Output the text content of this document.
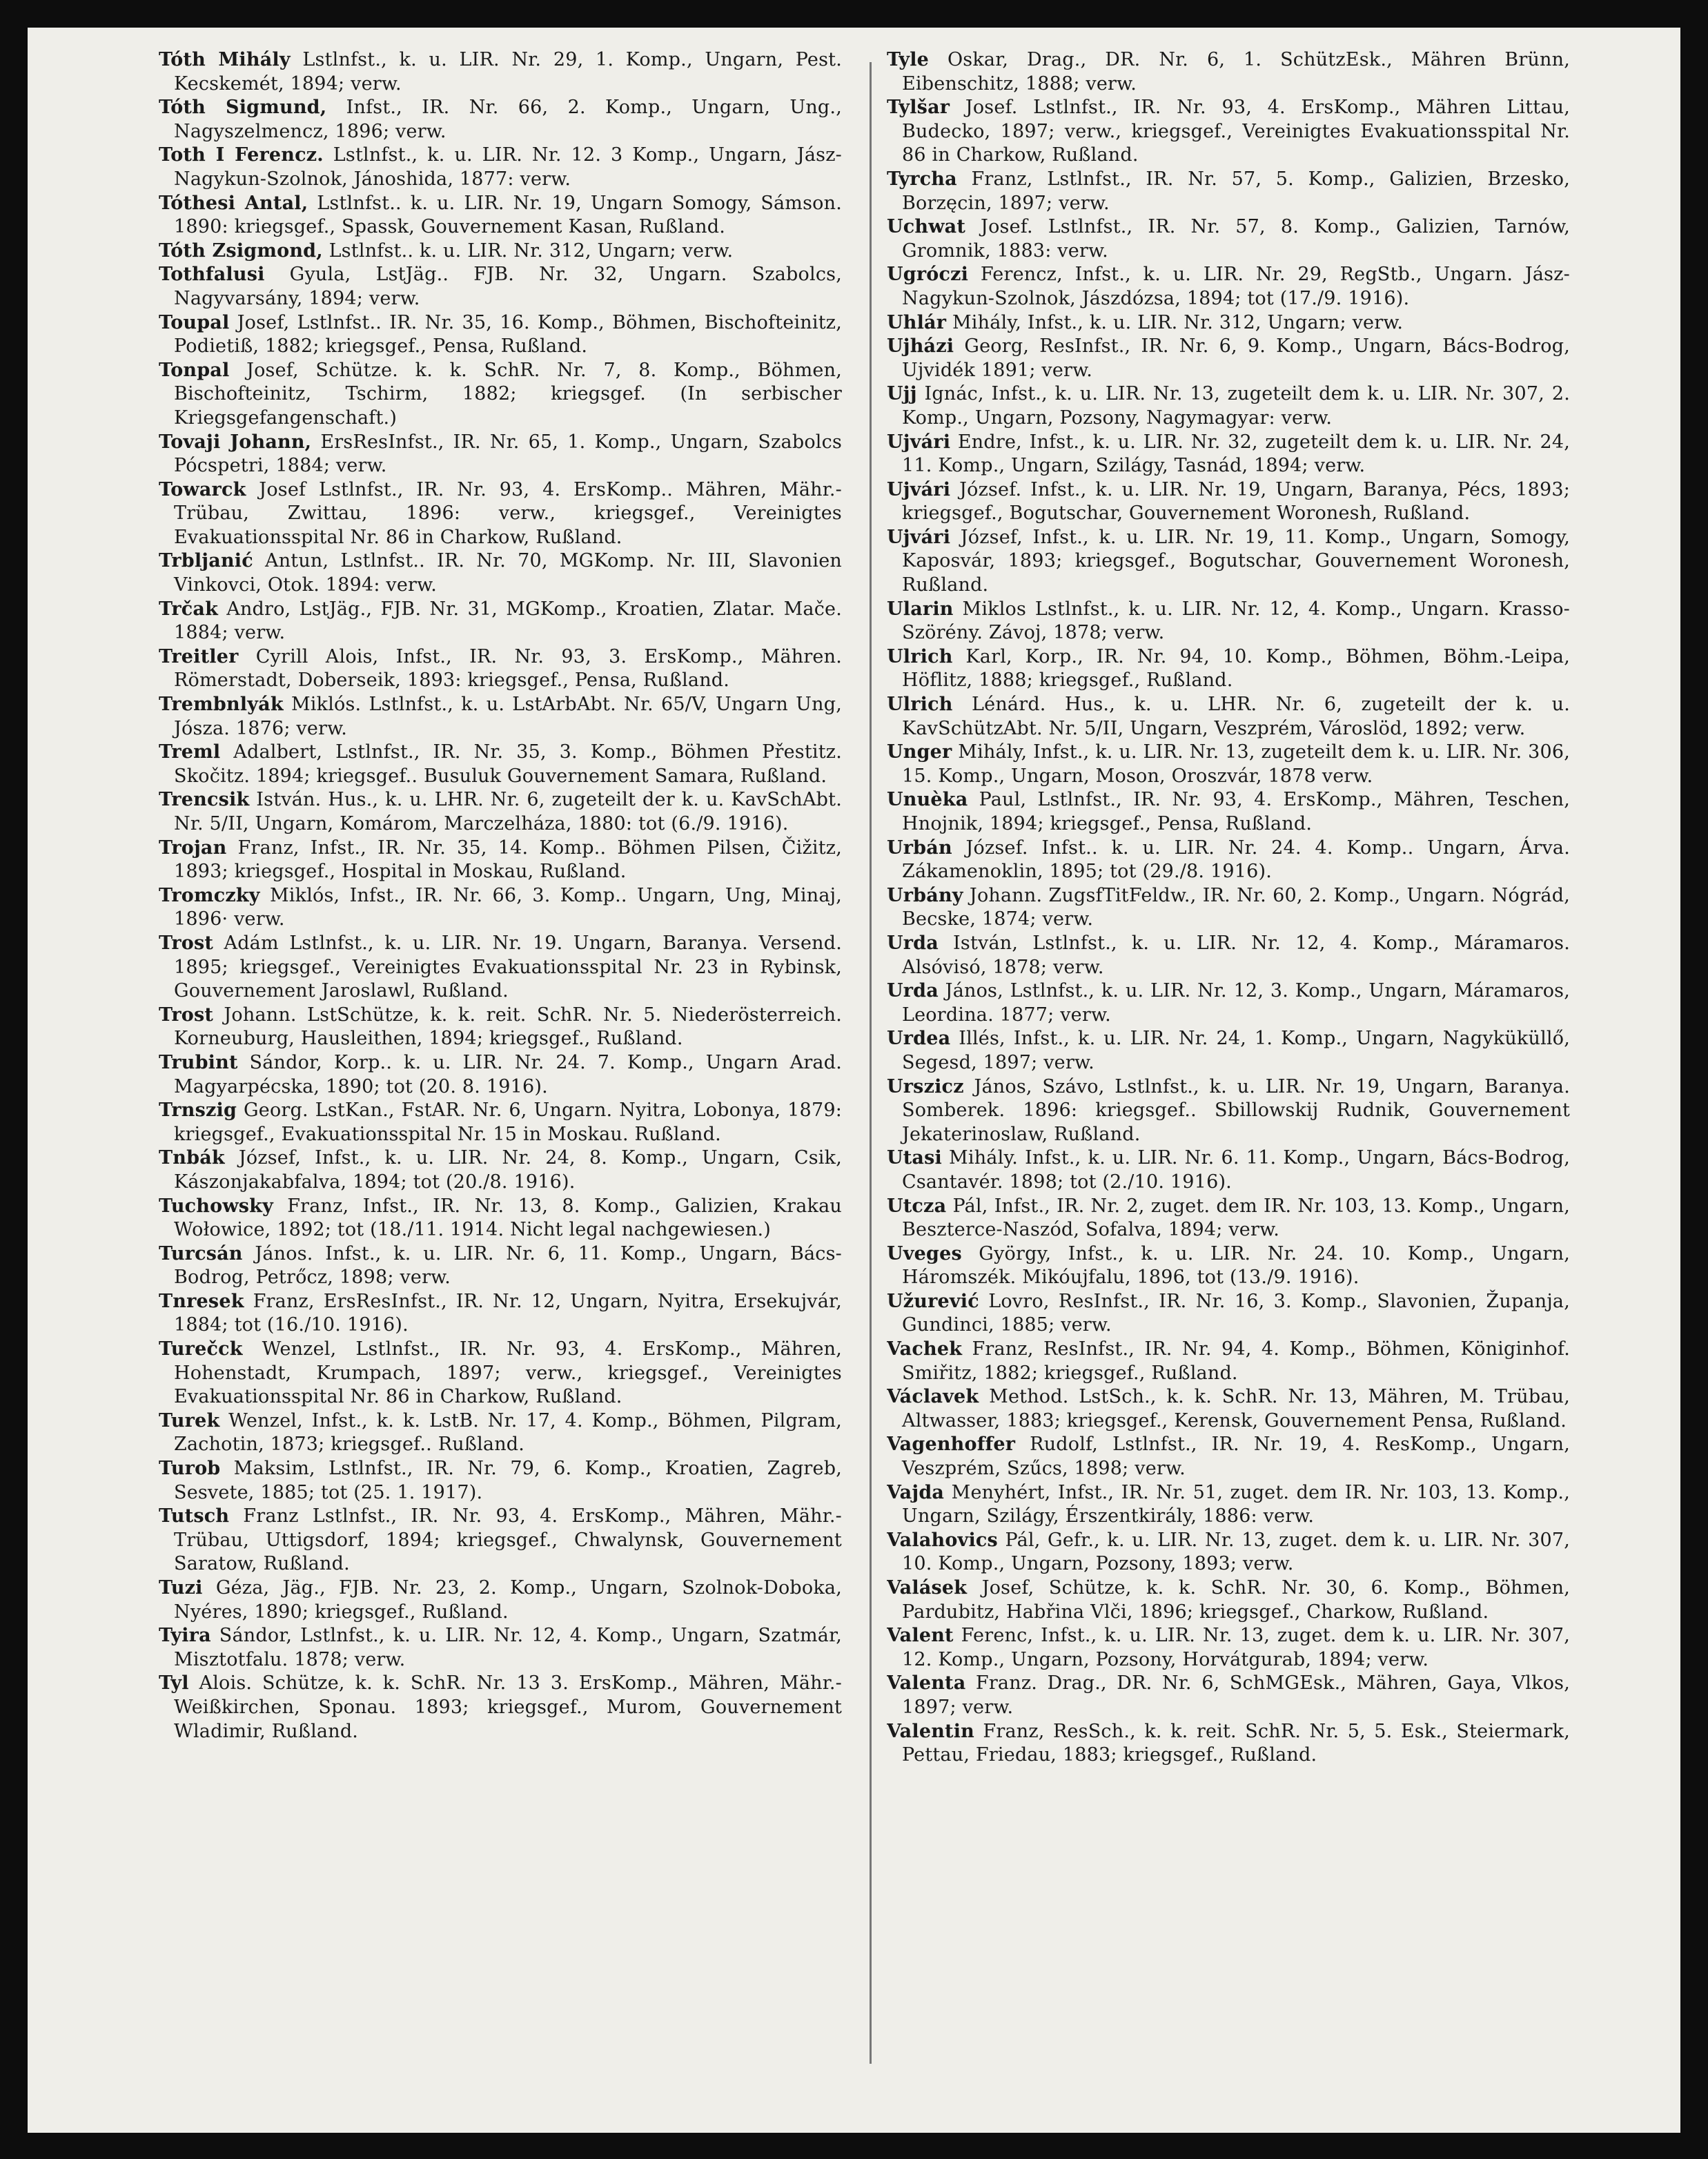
Tóth Mihály Lstlnfst., k. u. LIR. Nr. 29, 1. Komp., Ungarn, Pest. Kecskemét, 1894; verw.

Tóth Sigmund, Infst., IR. Nr. 66, 2. Komp., Ungarn, Ung., Nagyszelmencz, 1896; verw.

Toth I Ferencz. Lstlnfst., k. u. LIR. Nr. 12. 3 Komp., Ungarn, Jász-Nagykun-Szolnok, Jánoshida, 1877: verw.

Tóthesi Antal, Lstlnfst.. k. u. LIR. Nr. 19, Ungarn Somogy, Sámson. 1890: kriegsgef., Spassk, Gouvernement Kasan, Rußland.

Tóth Zsigmond, Lstlnfst.. k. u. LIR. Nr. 312, Ungarn; verw.

Tothfalusi Gyula, LstJäg.. FJB. Nr. 32, Ungarn. Szabolcs, Nagyvarsány, 1894; verw.

Toupal Josef, Lstlnfst.. IR. Nr. 35, 16. Komp., Böhmen, Bischofteinitz, Podietiß, 1882; kriegsgef., Pensa, Rußland.

Tonpal Josef, Schütze. k. k. SchR. Nr. 7, 8. Komp., Böhmen, Bischofteinitz, Tschirm, 1882; kriegsgef. (In serbischer Kriegsgefangenschaft.)

Tovaji Johann, ErsResInfst., IR. Nr. 65, 1. Komp., Ungarn, Szabolcs Pócspetri, 1884; verw.

Towarck Josef Lstlnfst., IR. Nr. 93, 4. ErsKomp.. Mähren, Mähr.-Trübau, Zwittau, 1896: verw., kriegsgef., Vereinigtes Evakuationsspital Nr. 86 in Charkow, Rußland.

Trbljanić Antun, Lstlnfst.. IR. Nr. 70, MGKomp. Nr. III, Slavonien Vinkovci, Otok. 1894: verw.

Trčak Andro, LstJäg., FJB. Nr. 31, MGKomp., Kroatien, Zlatar. Mače. 1884; verw.

Treitler Cyrill Alois, Infst., IR. Nr. 93, 3. ErsKomp., Mähren. Römerstadt, Doberseik, 1893: kriegsgef., Pensa, Rußland.

Trembnlyák Miklós. Lstlnfst., k. u. LstArbAbt. Nr. 65/V, Ungarn Ung, Jósza. 1876; verw.

Treml Adalbert, Lstlnfst., IR. Nr. 35, 3. Komp., Böhmen Přestitz. Skočitz. 1894; kriegsgef.. Busuluk Gouvernement Samara, Rußland.

Trencsik István. Hus., k. u. LHR. Nr. 6, zugeteilt der k. u. KavSchAbt. Nr. 5/II, Ungarn, Komárom, Marczelháza, 1880: tot (6./9. 1916).

Trojan Franz, Infst., IR. Nr. 35, 14. Komp.. Böhmen Pilsen, Čižitz, 1893; kriegsgef., Hospital in Moskau, Rußland.

Tromczky Miklós, Infst., IR. Nr. 66, 3. Komp.. Ungarn, Ung, Minaj, 1896· verw.

Trost Adám Lstlnfst., k. u. LIR. Nr. 19. Ungarn, Baranya. Versend. 1895; kriegsgef., Vereinigtes Evakuationsspital Nr. 23 in Rybinsk, Gouvernement Jaroslawl, Rußland.

Trost Johann. LstSchütze, k. k. reit. SchR. Nr. 5. Niederösterreich. Korneuburg, Hausleithen, 1894; kriegsgef., Rußland.

Trubint Sándor, Korp.. k. u. LIR. Nr. 24. 7. Komp., Ungarn Arad. Magyarpécska, 1890; tot (20. 8. 1916).

Trnszig Georg. LstKan., FstAR. Nr. 6, Ungarn. Nyitra, Lobonya, 1879: kriegsgef., Evakuationsspital Nr. 15 in Moskau. Rußland.

Tnbák József, Infst., k. u. LIR. Nr. 24, 8. Komp., Ungarn, Csik, Kászonjakabfalva, 1894; tot (20./8. 1916).

Tuchowsky Franz, Infst., IR. Nr. 13, 8. Komp., Galizien, Krakau Wołowice, 1892; tot (18./11. 1914. Nicht legal nachgewiesen.)

Turcsán János. Infst., k. u. LIR. Nr. 6, 11. Komp., Ungarn, Bács-Bodrog, Petrőcz, 1898; verw.

Tnresek Franz, ErsResInfst., IR. Nr. 12, Ungarn, Nyitra, Ersekujvár, 1884; tot (16./10. 1916).

Turečck Wenzel, Lstlnfst., IR. Nr. 93, 4. ErsKomp., Mähren, Hohenstadt, Krumpach, 1897; verw., kriegsgef., Vereinigtes Evakuationsspital Nr. 86 in Charkow, Rußland.

Turek Wenzel, Infst., k. k. LstB. Nr. 17, 4. Komp., Böhmen, Pilgram, Zachotin, 1873; kriegsgef.. Rußland.

Turob Maksim, Lstlnfst., IR. Nr. 79, 6. Komp., Kroatien, Zagreb, Sesvete, 1885; tot (25. 1. 1917).

Tutsch Franz Lstlnfst., IR. Nr. 93, 4. ErsKomp., Mähren, Mähr.-Trübau, Uttigsdorf, 1894; kriegsgef., Chwalynsk, Gouvernement Saratow, Rußland.

Tuzi Géza, Jäg., FJB. Nr. 23, 2. Komp., Ungarn, Szolnok-Doboka, Nyéres, 1890; kriegsgef., Rußland.

Tyira Sándor, Lstlnfst., k. u. LIR. Nr. 12, 4. Komp., Ungarn, Szatmár, Misztotfalu. 1878; verw.

Tyl Alois. Schütze, k. k. SchR. Nr. 13 3. ErsKomp., Mähren, Mähr.-Weißkirchen, Sponau. 1893; kriegsgef., Murom, Gouvernement Wladimir, Rußland.

Tyle Oskar, Drag., DR. Nr. 6, 1. SchützEsk., Mähren Brünn, Eibenschitz, 1888; verw.

Tylšar Josef. Lstlnfst., IR. Nr. 93, 4. ErsKomp., Mähren Littau, Budecko, 1897; verw., kriegsgef., Vereinigtes Evakuationsspital Nr. 86 in Charkow, Rußland.

Tyrcha Franz, Lstlnfst., IR. Nr. 57, 5. Komp., Galizien, Brzesko, Borzęcin, 1897; verw.

Uchwat Josef. Lstlnfst., IR. Nr. 57, 8. Komp., Galizien, Tarnów, Gromnik, 1883: verw.

Ugróczi Ferencz, Infst., k. u. LIR. Nr. 29, RegStb., Ungarn. Jász-Nagykun-Szolnok, Jászdózsa, 1894; tot (17./9. 1916).

Uhlár Mihály, Infst., k. u. LIR. Nr. 312, Ungarn; verw.

Ujházi Georg, ResInfst., IR. Nr. 6, 9. Komp., Ungarn, Bács-Bodrog, Ujvidék 1891; verw.

Ujj Ignác, Infst., k. u. LIR. Nr. 13, zugeteilt dem k. u. LIR. Nr. 307, 2. Komp., Ungarn, Pozsony, Nagymagyar: verw.

Ujvári Endre, Infst., k. u. LIR. Nr. 32, zugeteilt dem k. u. LIR. Nr. 24, 11. Komp., Ungarn, Szilágy, Tasnád, 1894; verw.

Ujvári József. Infst., k. u. LIR. Nr. 19, Ungarn, Baranya, Pécs, 1893; kriegsgef., Bogutschar, Gouvernement Woronesh, Rußland.

Ujvári József, Infst., k. u. LIR. Nr. 19, 11. Komp., Ungarn, Somogy, Kaposvár, 1893; kriegsgef., Bogutschar, Gouvernement Woronesh, Rußland.

Ularin Miklos Lstlnfst., k. u. LIR. Nr. 12, 4. Komp., Ungarn. Krasso-Szörény. Závoj, 1878; verw.

Ulrich Karl, Korp., IR. Nr. 94, 10. Komp., Böhmen, Böhm.-Leipa, Höflitz, 1888; kriegsgef., Rußland.

Ulrich Lénárd. Hus., k. u. LHR. Nr. 6, zugeteilt der k. u. KavSchützAbt. Nr. 5/II, Ungarn, Veszprém, Városlöd, 1892; verw.

Unger Mihály, Infst., k. u. LIR. Nr. 13, zugeteilt dem k. u. LIR. Nr. 306, 15. Komp., Ungarn, Moson, Oroszvár, 1878 verw.

Unuèka Paul, Lstlnfst., IR. Nr. 93, 4. ErsKomp., Mähren, Teschen, Hnojnik, 1894; kriegsgef., Pensa, Rußland.

Urbán József. Infst.. k. u. LIR. Nr. 24. 4. Komp.. Ungarn, Árva. Zákamenoklin, 1895; tot (29./8. 1916).

Urbány Johann. ZugsfTitFeldw., IR. Nr. 60, 2. Komp., Ungarn. Nógrád, Becske, 1874; verw.

Urda István, Lstlnfst., k. u. LIR. Nr. 12, 4. Komp., Máramaros. Alsóvisó, 1878; verw.

Urda János, Lstlnfst., k. u. LIR. Nr. 12, 3. Komp., Ungarn, Máramaros, Leordina. 1877; verw.

Urdea Illés, Infst., k. u. LIR. Nr. 24, 1. Komp., Ungarn, Nagyküküllő, Segesd, 1897; verw.

Urszicz János, Szávo, Lstlnfst., k. u. LIR. Nr. 19, Ungarn, Baranya. Somberek. 1896: kriegsgef.. Sbillowskij Rudnik, Gouvernement Jekaterinoslaw, Rußland.

Utasi Mihály. Infst., k. u. LIR. Nr. 6. 11. Komp., Ungarn, Bács-Bodrog, Csantavér. 1898; tot (2./10. 1916).

Utcza Pál, Infst., IR. Nr. 2, zuget. dem IR. Nr. 103, 13. Komp., Ungarn, Beszterce-Naszód, Sofalva, 1894; verw.

Uveges György, Infst., k. u. LIR. Nr. 24. 10. Komp., Ungarn, Háromszék. Mikóujfalu, 1896, tot (13./9. 1916).

Užurević Lovro, ResInfst., IR. Nr. 16, 3. Komp., Slavonien, Županja, Gundinci, 1885; verw.

Vachek Franz, ResInfst., IR. Nr. 94, 4. Komp., Böhmen, Königinhof. Smiřitz, 1882; kriegsgef., Rußland.

Václavek Method. LstSch., k. k. SchR. Nr. 13, Mähren, M. Trübau, Altwasser, 1883; kriegsgef., Kerensk, Gouvernement Pensa, Rußland.

Vagenhoffer Rudolf, Lstlnfst., IR. Nr. 19, 4. ResKomp., Ungarn, Veszprém, Szűcs, 1898; verw.

Vajda Menyhért, Infst., IR. Nr. 51, zuget. dem IR. Nr. 103, 13. Komp., Ungarn, Szilágy, Érszentkirály, 1886: verw.

Valahovics Pál, Gefr., k. u. LIR. Nr. 13, zuget. dem k. u. LIR. Nr. 307, 10. Komp., Ungarn, Pozsony, 1893; verw.

Valásek Josef, Schütze, k. k. SchR. Nr. 30, 6. Komp., Böhmen, Pardubitz, Habřina Vlči, 1896; kriegsgef., Charkow, Rußland.

Valent Ferenc, Infst., k. u. LIR. Nr. 13, zuget. dem k. u. LIR. Nr. 307, 12. Komp., Ungarn, Pozsony, Horvátgurab, 1894; verw.

Valenta Franz. Drag., DR. Nr. 6, SchMGEsk., Mähren, Gaya, Vlkos, 1897; verw.

Valentin Franz, ResSch., k. k. reit. SchR. Nr. 5, 5. Esk., Steiermark, Pettau, Friedau, 1883; kriegsgef., Rußland.
